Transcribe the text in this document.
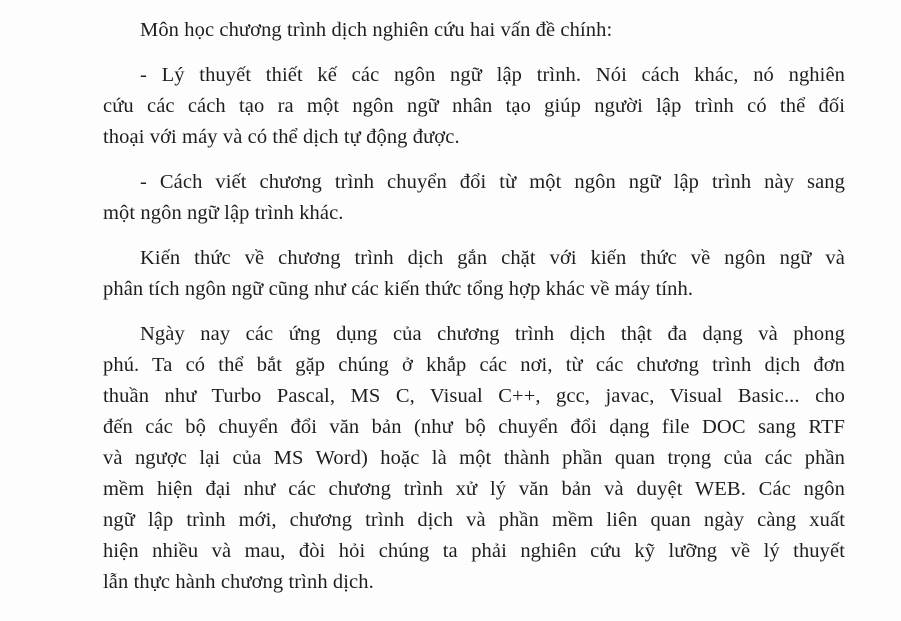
Môn học chương trình dịch nghiên cứu hai vấn đề chính:
- Lý thuyết thiết kế các ngôn ngữ lập trình. Nói cách khác, nó nghiên
cứu các cách tạo ra một ngôn ngữ nhân tạo giúp người lập trình có thể đối
thoại với máy và có thể dịch tự động được.
- Cách viết chương trình chuyển đổi từ một ngôn ngữ lập trình này sang
một ngôn ngữ lập trình khác.
Kiến thức về chương trình dịch gắn chặt với kiến thức về ngôn ngữ và
phân tích ngôn ngữ cũng như các kiến thức tổng hợp khác về máy tính.
Ngày nay các ứng dụng của chương trình dịch thật đa dạng và phong
phú. Ta có thể bắt gặp chúng ở khắp các nơi, từ các chương trình dịch đơn
thuần như Turbo Pascal, MS C, Visual C++, gcc, javac, Visual Basic... cho
đến các bộ chuyển đổi văn bản (như bộ chuyển đổi dạng file DOC sang RTF
và ngược lại của MS Word) hoặc là một thành phần quan trọng của các phần
mềm hiện đại như các chương trình xử lý văn bản và duyệt WEB. Các ngôn
ngữ lập trình mới, chương trình dịch và phần mềm liên quan ngày càng xuất
hiện nhiều và mau, đòi hỏi chúng ta phải nghiên cứu kỹ lưỡng về lý thuyết
lẫn thực hành chương trình dịch.
